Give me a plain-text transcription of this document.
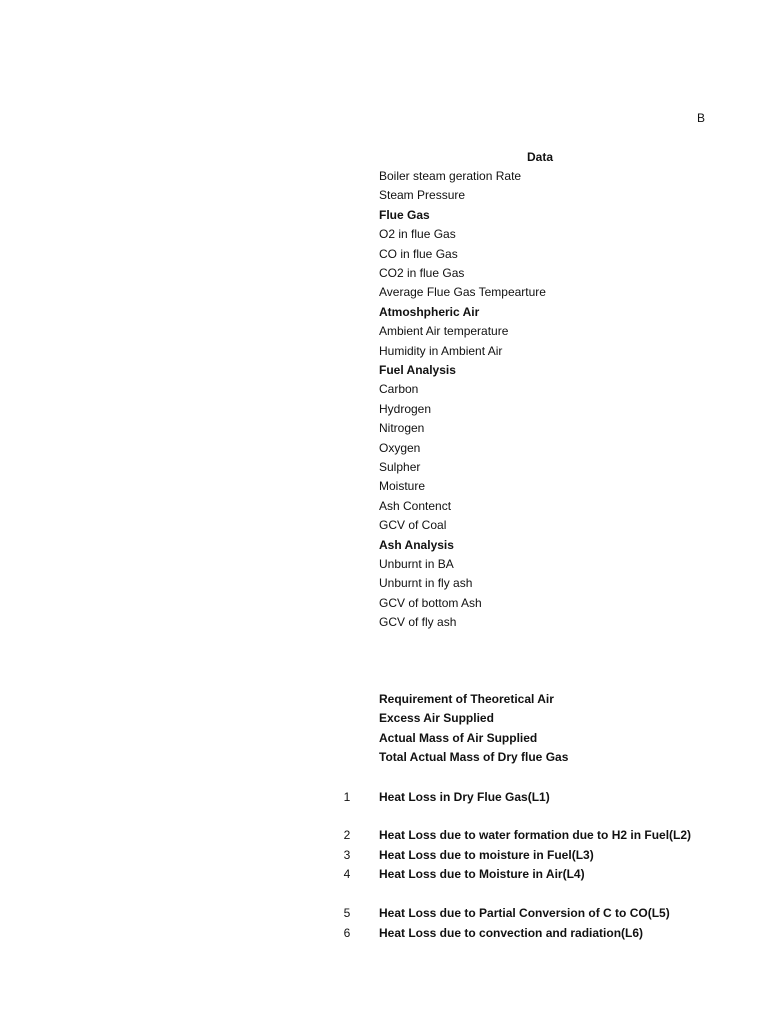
B
Data
Boiler steam geration Rate
Steam Pressure
Flue Gas
O2 in flue Gas
CO in flue Gas
CO2 in flue Gas
Average Flue Gas Tempearture
Atmoshpheric Air
Ambient Air temperature
Humidity in Ambient Air
Fuel Analysis
Carbon
Hydrogen
Nitrogen
Oxygen
Sulpher
Moisture
Ash Contenct
GCV of Coal
Ash Analysis
Unburnt in BA
Unburnt in fly ash
GCV of bottom Ash
GCV of fly ash
Requirement of Theoretical Air
Excess Air Supplied
Actual Mass of Air Supplied
Total Actual Mass of Dry flue Gas
1	Heat Loss in Dry Flue Gas(L1)
2	Heat Loss due to water formation due to H2 in Fuel(L2)
3	Heat Loss due to moisture in Fuel(L3)
4	Heat Loss due to Moisture in Air(L4)
5	Heat Loss due to Partial Conversion of C to CO(L5)
6	Heat Loss due to convection and radiation(L6)
